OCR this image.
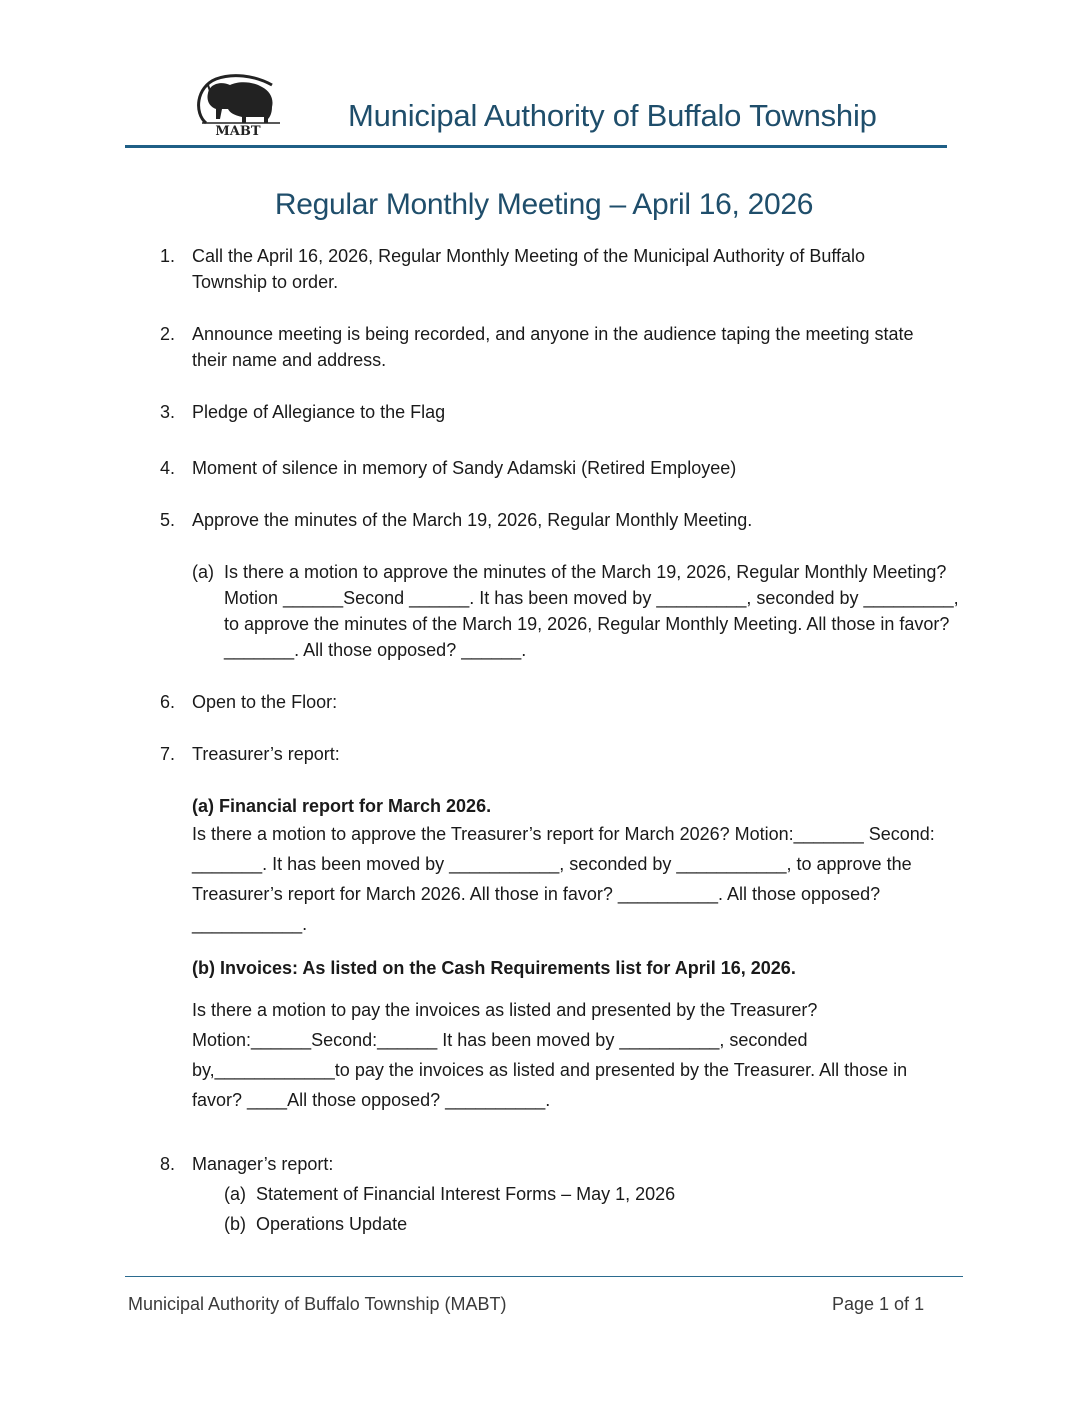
MABT	Municipal Authority of Buffalo Township
Regular Monthly Meeting – April 16, 2026
1. Call the April 16, 2026, Regular Monthly Meeting of the Municipal Authority of Buffalo Township to order.
2. Announce meeting is being recorded, and anyone in the audience taping the meeting state their name and address.
3. Pledge of Allegiance to the Flag
4. Moment of silence in memory of Sandy Adamski (Retired Employee)
5. Approve the minutes of the March 19, 2026, Regular Monthly Meeting.
(a) Is there a motion to approve the minutes of the March 19, 2026, Regular Monthly Meeting? Motion ______Second ______. It has been moved by _________, seconded by _________, to approve the minutes of the March 19, 2026, Regular Monthly Meeting. All those in favor? _______. All those opposed? ______.
6. Open to the Floor:
7. Treasurer’s report:
(a) Financial report for March 2026.
Is there a motion to approve the Treasurer’s report for March 2026? Motion:_______ Second: _______. It has been moved by ___________, seconded by ___________, to approve the Treasurer’s report for March 2026. All those in favor? __________. All those opposed? ___________.
(b) Invoices: As listed on the Cash Requirements list for April 16, 2026.
Is there a motion to pay the invoices as listed and presented by the Treasurer? Motion:______Second:______ It has been moved by __________, seconded by,____________to pay the invoices as listed and presented by the Treasurer. All those in favor? ____All those opposed? __________.
8. Manager’s report:
(a) Statement of Financial Interest Forms – May 1, 2026
(b) Operations Update
Municipal Authority of Buffalo Township (MABT)	Page 1 of 1
